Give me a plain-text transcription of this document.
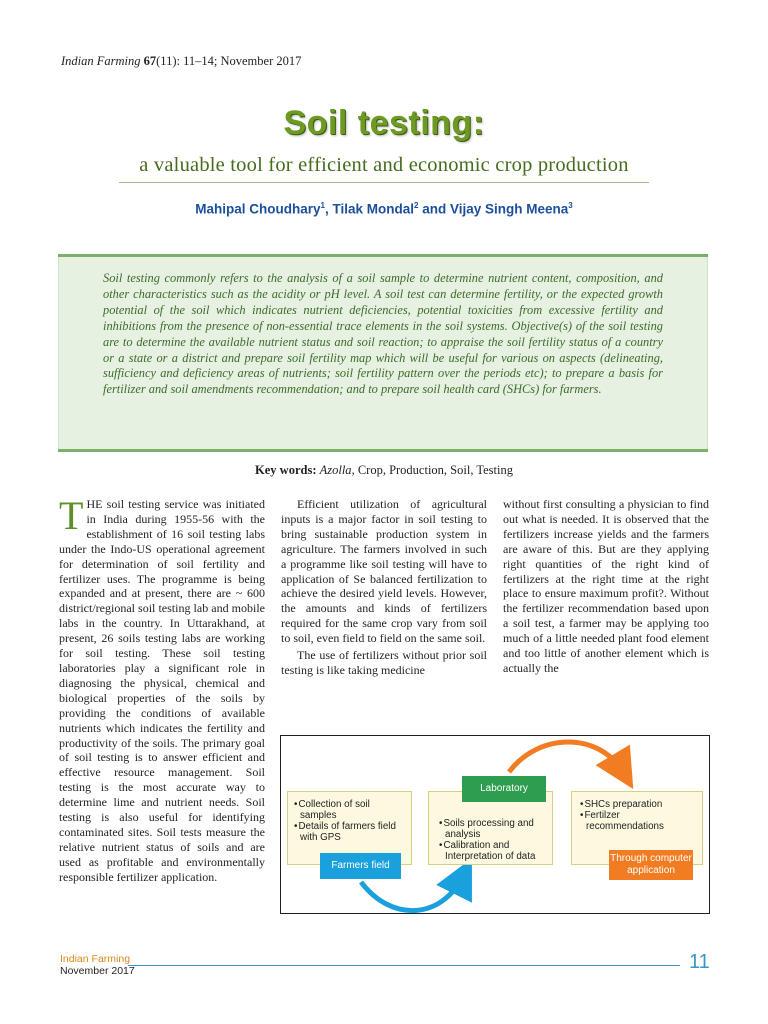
Indian Farming 67(11): 11–14; November 2017
Soil testing:
a valuable tool for efficient and economic crop production
Mahipal Choudhary$^1$, Tilak Mondal$^2$ and Vijay Singh Meena$^3$
Soil testing commonly refers to the analysis of a soil sample to determine nutrient content, composition, and other characteristics such as the acidity or pH level. A soil test can determine fertility, or the expected growth potential of the soil which indicates nutrient deficiencies, potential toxicities from excessive fertility and inhibitions from the presence of non-essential trace elements in the soil systems. Objective(s) of the soil testing are to determine the available nutrient status and soil reaction; to appraise the soil fertility status of a country or a state or a district and prepare soil fertility map which will be useful for various on aspects (delineating, sufficiency and deficiency areas of nutrients; soil fertility pattern over the periods etc); to prepare a basis for fertilizer and soil amendments recommendation; and to prepare soil health card (SHCs) for farmers.
Key words: Azolla, Crop, Production, Soil, Testing

THE soil testing service was initiated in India during 1955-56 with the establishment of 16 soil testing labs under the Indo-US operational agreement for determination of soil fertility and fertilizer uses. The programme is being expanded and at present, there are ~ 600 district/regional soil testing lab and mobile labs in the country. In Uttarakhand, at present, 26 soils testing labs are working for soil testing. These soil testing laboratories play a significant role in diagnosing the physical, chemical and biological properties of the soils by providing the conditions of available nutrients which indicates the fertility and productivity of the soils. The primary goal of soil testing is to answer efficient and effective resource management. Soil testing is the most accurate way to determine lime and nutrient needs. Soil testing is also useful for identifying contaminated sites. Soil tests measure the relative nutrient status of soils and are used as profitable and environmentally responsible fertilizer application.

Efficient utilization of agricultural inputs is a major factor in soil testing to bring sustainable production system in agriculture. The farmers involved in such a programme like soil testing will have to application of Se balanced fertilization to achieve the desired yield levels. However, the amounts and kinds of fertilizers required for the same crop vary from soil to soil, even field to field on the same soil.

The use of fertilizers without prior soil testing is like taking medicine

without first consulting a physician to find out what is needed. It is observed that the fertilizers increase yields and the farmers are aware of this. But are they applying right quantities of the right kind of fertilizers at the right time at the right place to ensure maximum profit?. Without the fertilizer recommendation based upon a soil test, a farmer may be applying too much of a little needed plant food element and too little of another element which is actually the

• Collection of soil samples
• Details of farmers field with GPS
• Soils processing and analysis
• Calibration and Interpretation of data
• SHCs preparation
• Fertilzer recommendations
Laboratory
Farmers field
Through computer application
Indian Farming
November 2017	11
